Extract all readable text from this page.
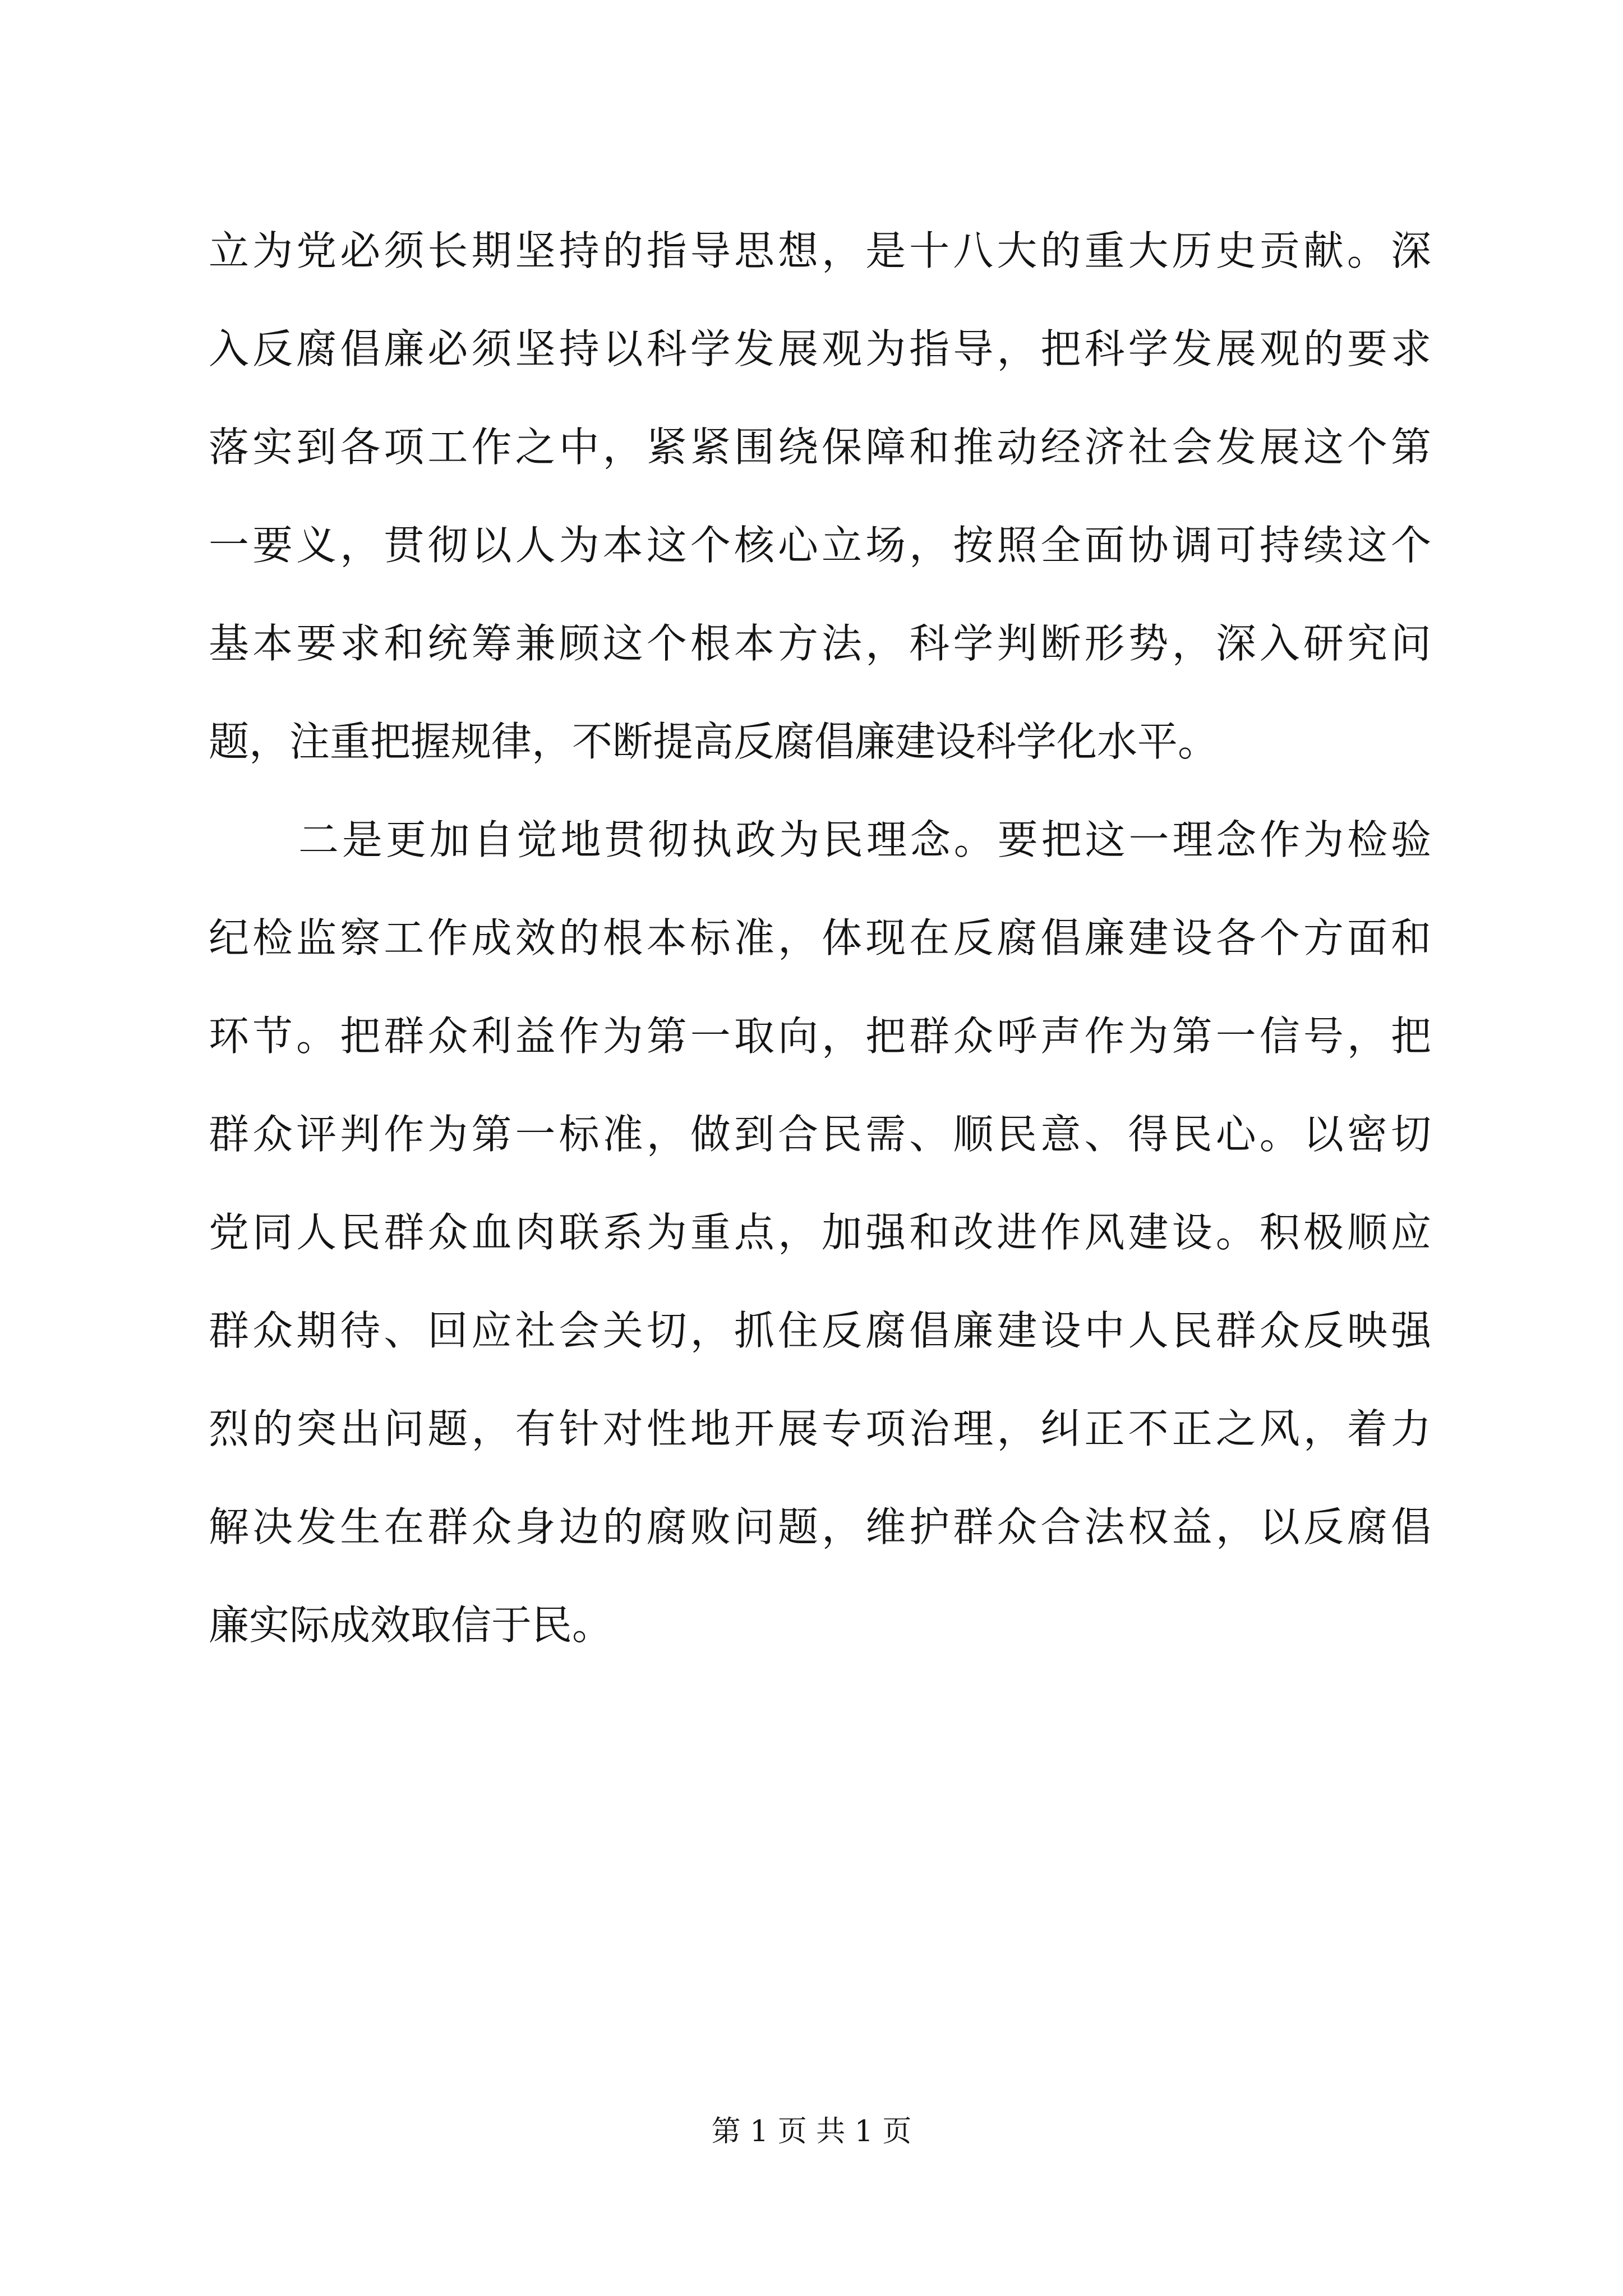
立为党必须长期坚持的指导思想，是十八大的重大历史贡献。深
入反腐倡廉必须坚持以科学发展观为指导，把科学发展观的要求
落实到各项工作之中，紧紧围绕保障和推动经济社会发展这个第
一要义，贯彻以人为本这个核心立场，按照全面协调可持续这个
基本要求和统筹兼顾这个根本方法，科学判断形势，深入研究问
题，注重把握规律，不断提高反腐倡廉建设科学化水平。
二是更加自觉地贯彻执政为民理念。要把这一理念作为检验
纪检监察工作成效的根本标准，体现在反腐倡廉建设各个方面和
环节。把群众利益作为第一取向，把群众呼声作为第一信号，把
群众评判作为第一标准，做到合民需、顺民意、得民心。以密切
党同人民群众血肉联系为重点，加强和改进作风建设。积极顺应
群众期待、回应社会关切，抓住反腐倡廉建设中人民群众反映强
烈的突出问题，有针对性地开展专项治理，纠正不正之风，着力
解决发生在群众身边的腐败问题，维护群众合法权益，以反腐倡
廉实际成效取信于民。
第 1 页 共 1 页
